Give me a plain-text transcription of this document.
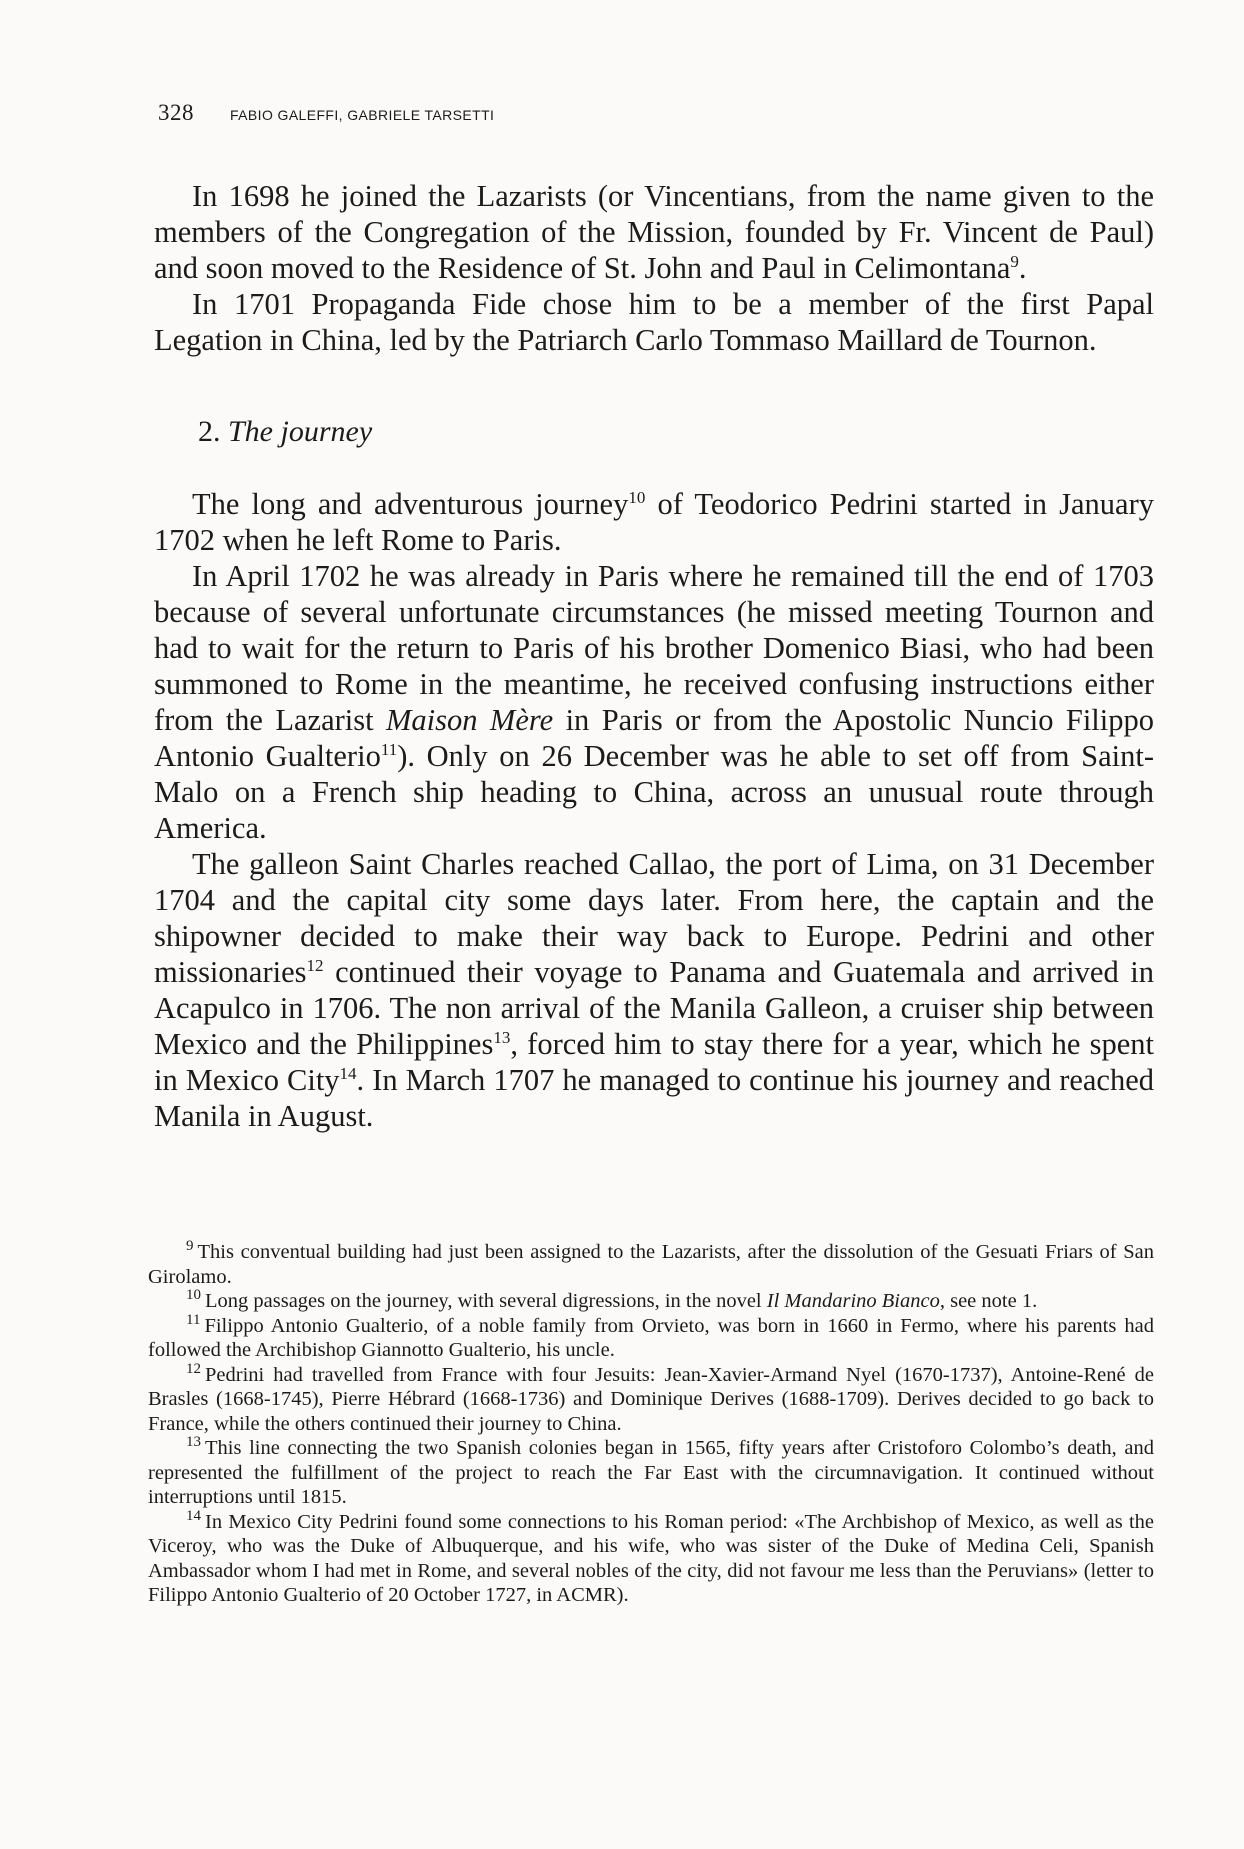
328	FABIO GALEFFI, GABRIELE TARSETTI

In 1698 he joined the Lazarists (or Vincentians, from the name given to the members of the Congregation of the Mission, founded by Fr. Vincent de Paul) and soon moved to the Residence of St. John and Paul in Celimontana$^9$.

In 1701 Propaganda Fide chose him to be a member of the first Papal Legation in China, led by the Patriarch Carlo Tommaso Maillard de Tournon.

2. The journey

The long and adventurous journey$^{10}$ of Teodorico Pedrini started in January 1702 when he left Rome to Paris.

In April 1702 he was already in Paris where he remained till the end of 1703 because of several unfortunate circumstances (he missed meeting Tournon and had to wait for the return to Paris of his brother Domenico Biasi, who had been summoned to Rome in the meantime, he received confusing instructions either from the Lazarist Maison Mère in Paris or from the Apostolic Nuncio Filippo Antonio Gualterio$^{11}$). Only on 26 December was he able to set off from Saint-Malo on a French ship heading to China, across an unusual route through America.

The galleon Saint Charles reached Callao, the port of Lima, on 31 December 1704 and the capital city some days later. From here, the captain and the shipowner decided to make their way back to Europe. Pedrini and other missionaries$^{12}$ continued their voyage to Panama and Guatemala and arrived in Acapulco in 1706. The non arrival of the Manila Galleon, a cruiser ship between Mexico and the Philippines$^{13}$, forced him to stay there for a year, which he spent in Mexico City$^{14}$. In March 1707 he managed to continue his journey and reached Manila in August.

$^9$ This conventual building had just been assigned to the Lazarists, after the dissolution of the Gesuati Friars of San Girolamo.

$^{10}$ Long passages on the journey, with several digressions, in the novel Il Mandarino Bianco, see note 1.

$^{11}$ Filippo Antonio Gualterio, of a noble family from Orvieto, was born in 1660 in Fermo, where his parents had followed the Archibishop Giannotto Gualterio, his uncle.

$^{12}$ Pedrini had travelled from France with four Jesuits: Jean-Xavier-Armand Nyel (1670-1737), Antoine-René de Brasles (1668-1745), Pierre Hébrard (1668-1736) and Dominique Derives (1688-1709). Derives decided to go back to France, while the others continued their journey to China.

$^{13}$ This line connecting the two Spanish colonies began in 1565, fifty years after Cristoforo Colombo’s death, and represented the fulfillment of the project to reach the Far East with the circumnavigation. It continued without interruptions until 1815.

$^{14}$ In Mexico City Pedrini found some connections to his Roman period: «The Archbishop of Mexico, as well as the Viceroy, who was the Duke of Albuquerque, and his wife, who was sister of the Duke of Medina Celi, Spanish Ambassador whom I had met in Rome, and several nobles of the city, did not favour me less than the Peruvians» (letter to Filippo Antonio Gualterio of 20 October 1727, in ACMR).
